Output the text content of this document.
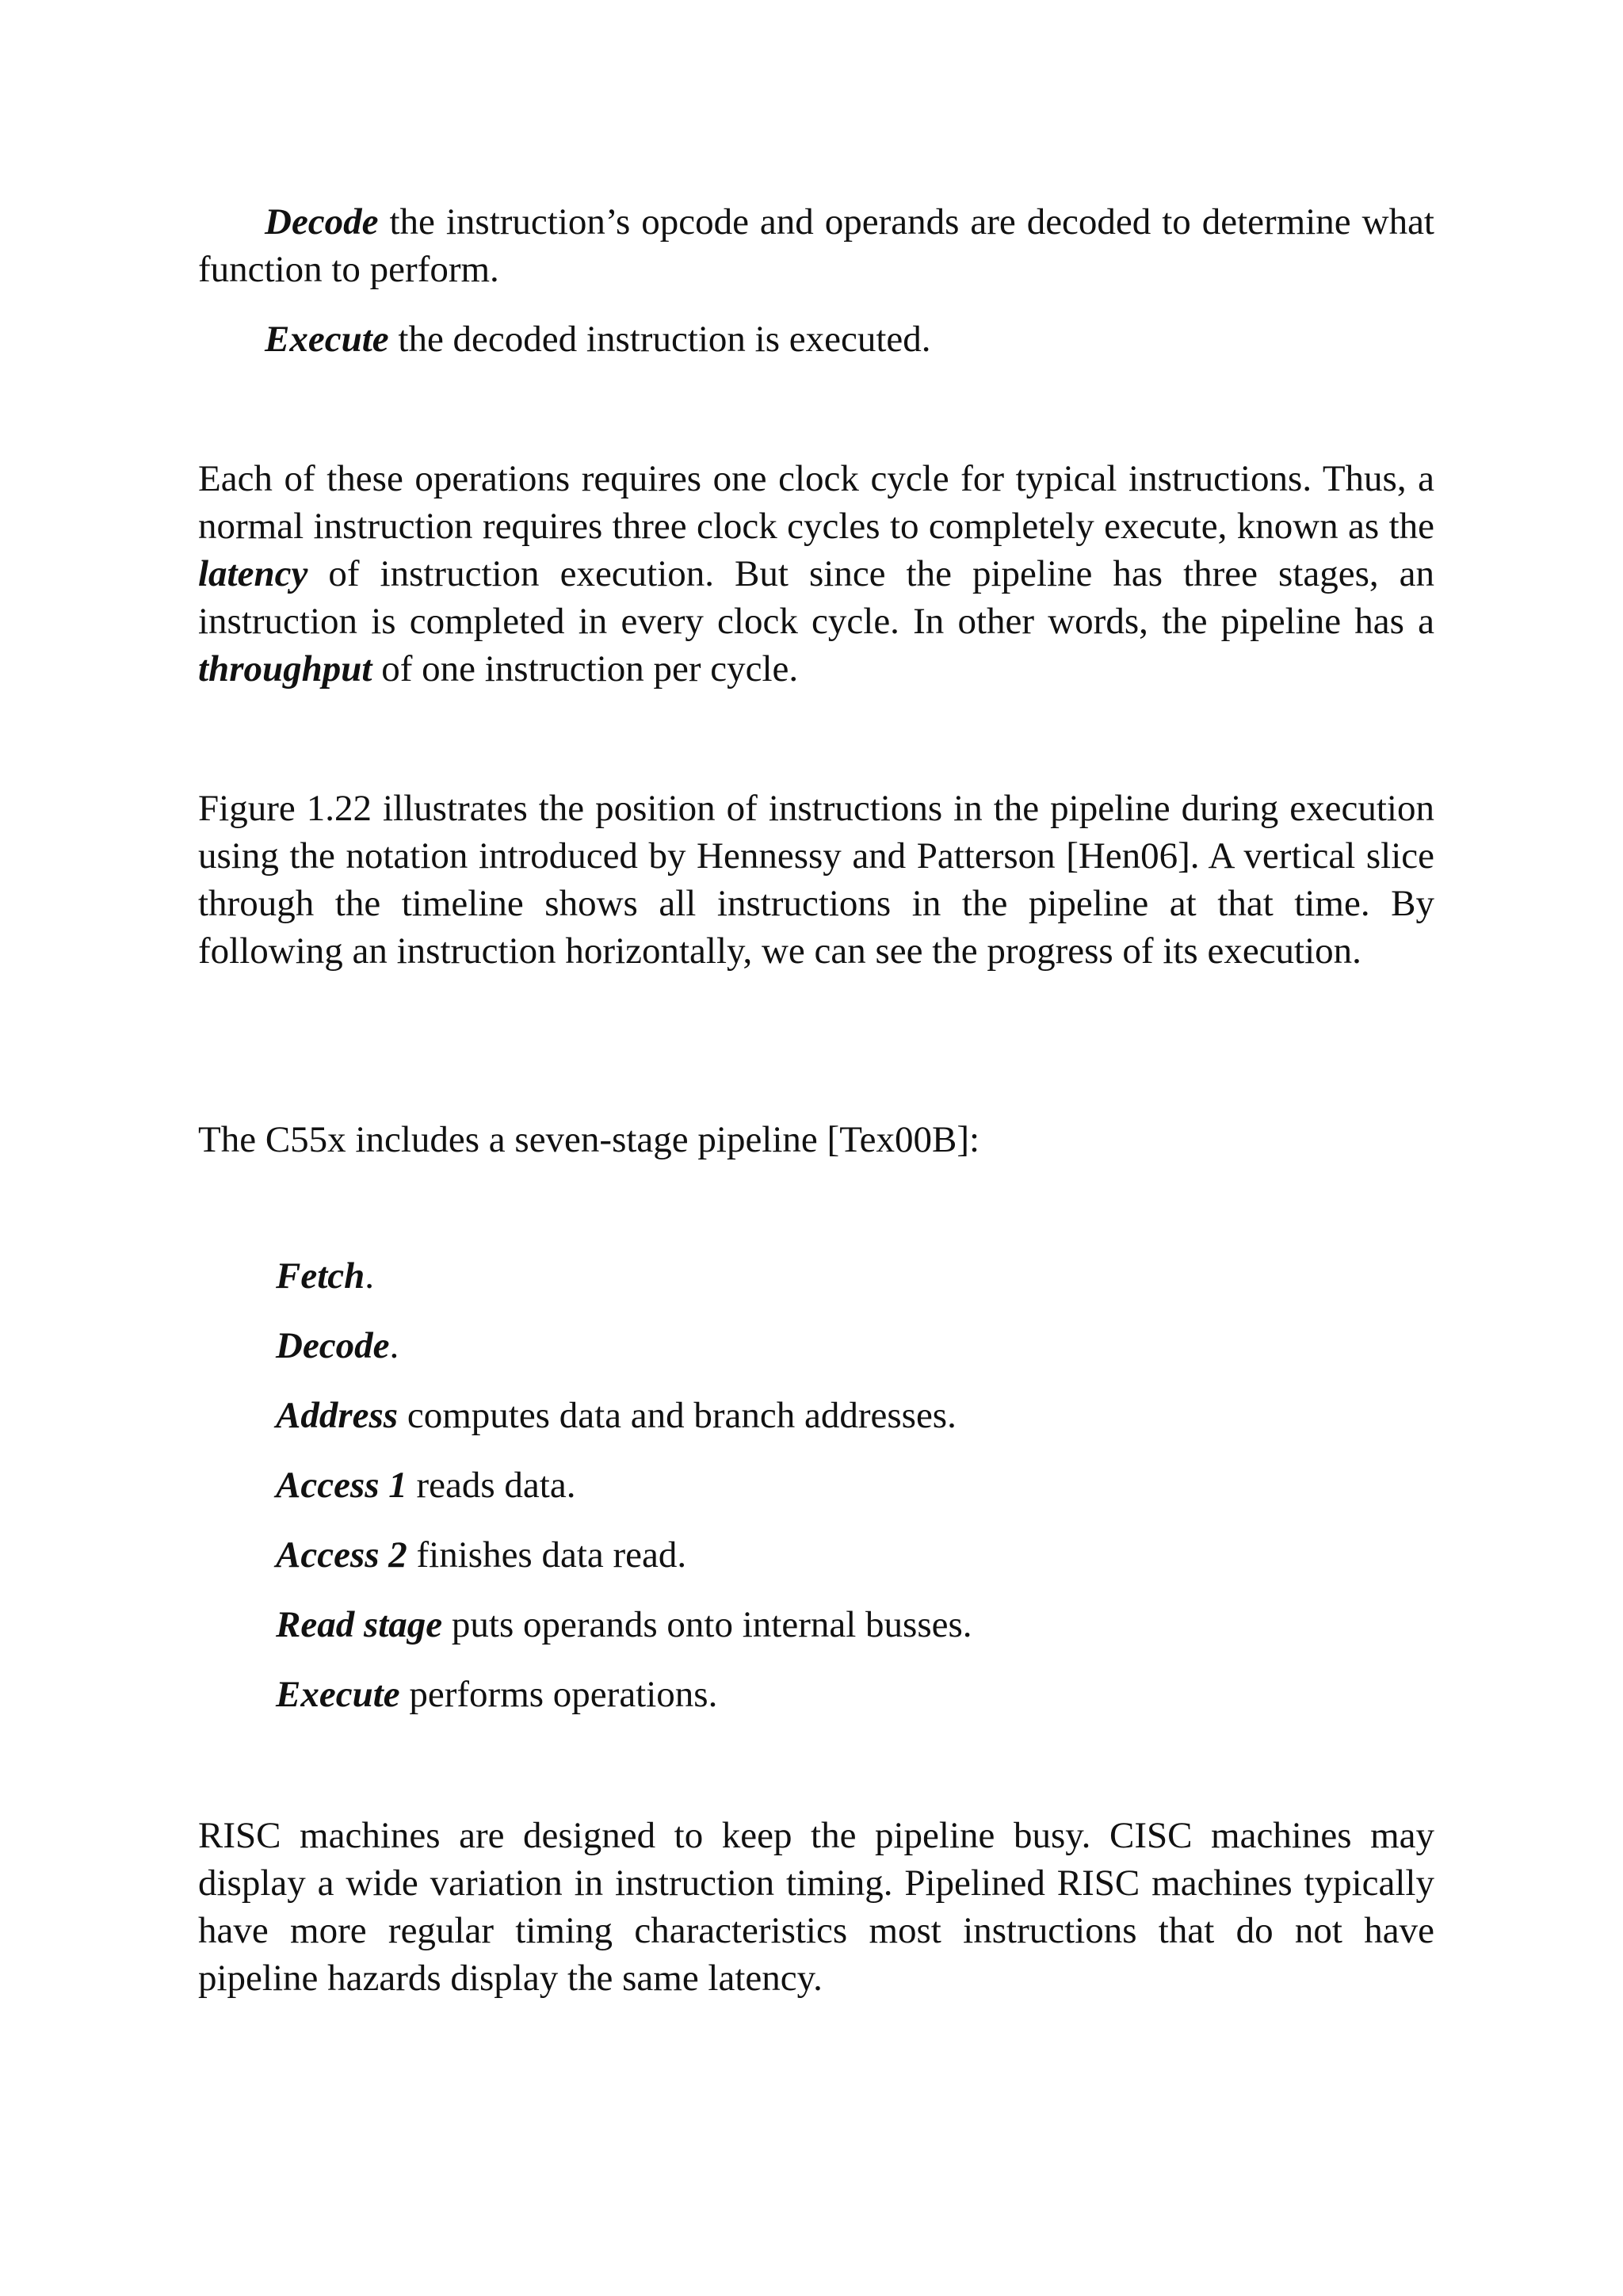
Decode the instruction’s opcode and operands are decoded to determine what function to perform.

Execute the decoded instruction is executed.

Each of these operations requires one clock cycle for typical instructions. Thus, a normal instruction requires three clock cycles to completely execute, known as the latency of instruction execution. But since the pipeline has three stages, an instruction is completed in every clock cycle. In other words, the pipeline has a throughput of one instruction per cycle.

Figure 1.22 illustrates the position of instructions in the pipeline during execution using the notation introduced by Hennessy and Patterson [Hen06]. A vertical slice through the timeline shows all instructions in the pipeline at that time. By following an instruction horizontally, we can see the progress of its execution.

The C55x includes a seven-stage pipeline [Tex00B]:

Fetch.

Decode.

Address computes data and branch addresses.

Access 1 reads data.

Access 2 finishes data read.

Read stage puts operands onto internal busses.

Execute performs operations.

RISC machines are designed to keep the pipeline busy. CISC machines may display a wide variation in instruction timing. Pipelined RISC machines typically have more regular timing characteristics most instructions that do not have pipeline hazards display the same latency.
